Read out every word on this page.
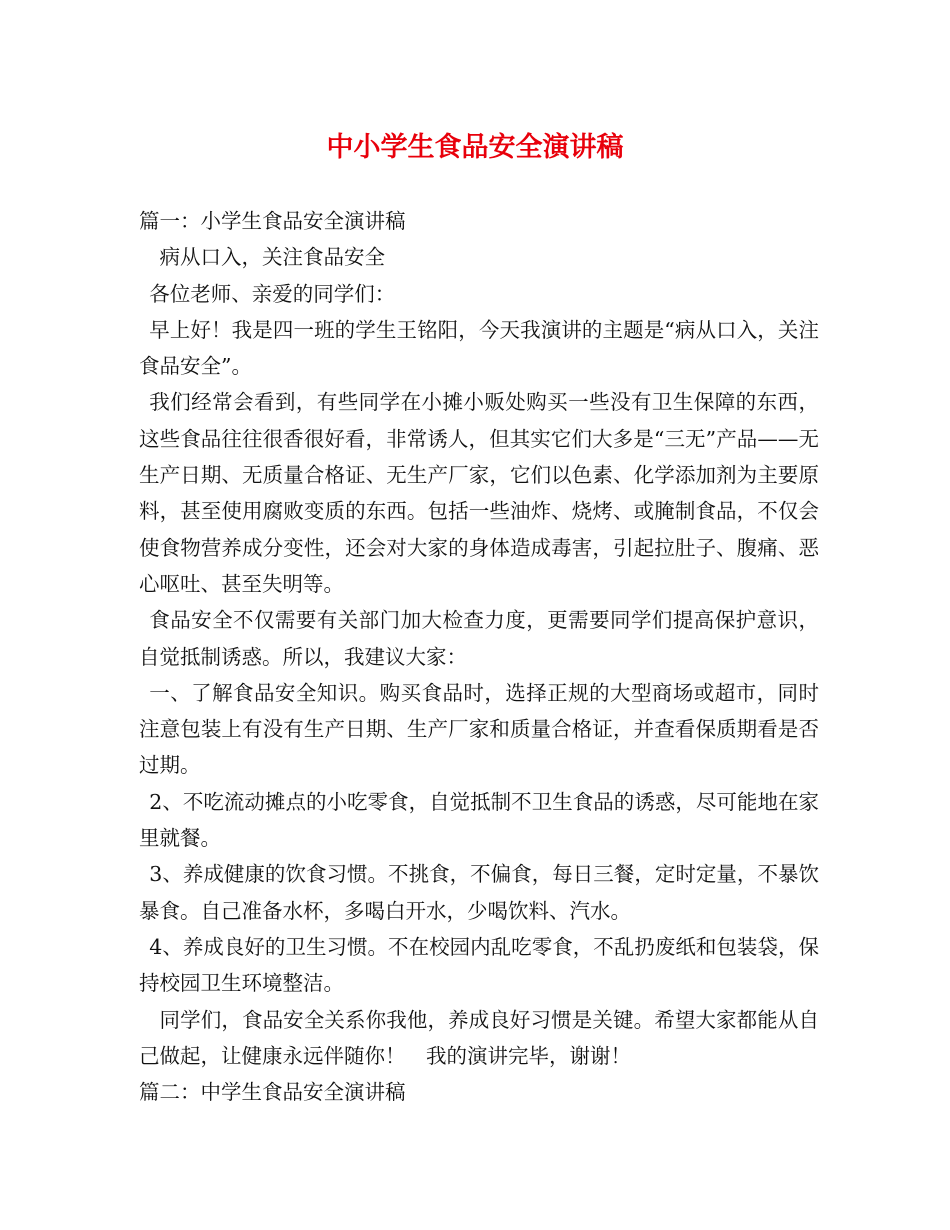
中小学生食品安全演讲稿

篇一：小学生食品安全演讲稿

病从口入，关注食品安全

各位老师、亲爱的同学们：

早上好！我是四一班的学生王铭阳，今天我演讲的主题是“病从口入，关注食品安全”。

我们经常会看到，有些同学在小摊小贩处购买一些没有卫生保障的东西，这些食品往往很香很好看，非常诱人，但其实它们大多是“三无”产品——无生产日期、无质量合格证、无生产厂家，它们以色素、化学添加剂为主要原料，甚至使用腐败变质的东西。包括一些油炸、烧烤、或腌制食品，不仅会使食物营养成分变性，还会对大家的身体造成毒害，引起拉肚子、腹痛、恶心呕吐、甚至失明等。

食品安全不仅需要有关部门加大检查力度，更需要同学们提高保护意识，自觉抵制诱惑。所以，我建议大家：

一、了解食品安全知识。购买食品时，选择正规的大型商场或超市，同时注意包装上有没有生产日期、生产厂家和质量合格证，并查看保质期看是否过期。

2、不吃流动摊点的小吃零食，自觉抵制不卫生食品的诱惑，尽可能地在家里就餐。

3、养成健康的饮食习惯。不挑食，不偏食，每日三餐，定时定量，不暴饮暴食。自己准备水杯，多喝白开水，少喝饮料、汽水。

4、养成良好的卫生习惯。不在校园内乱吃零食，不乱扔废纸和包装袋，保持校园卫生环境整洁。

同学们，食品安全关系你我他，养成良好习惯是关键。希望大家都能从自己做起，让健康永远伴随你！　我的演讲完毕，谢谢！

篇二：中学生食品安全演讲稿
